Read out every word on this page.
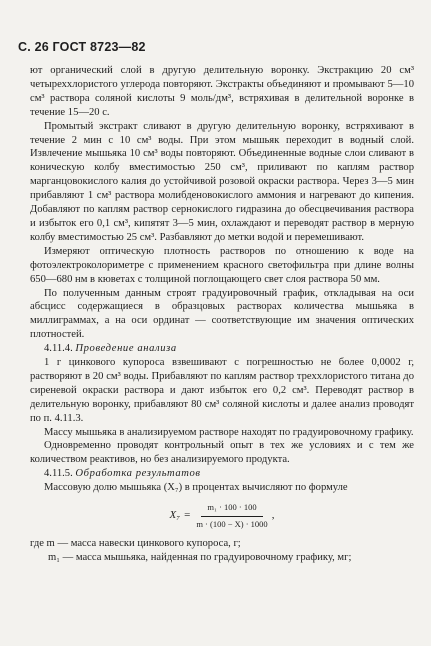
С. 26 ГОСТ 8723—82

ют органический слой в другую делительную воронку. Экстракцию 20 см³ четыреххлористого углерода повторяют. Экстракты объединяют и промывают 5—10 см³ раствора соляной кислоты 9 моль/дм³, встряхивая в делительной воронке в течение 15—20 с.

Промытый экстракт сливают в другую делительную воронку, встряхивают в течение 2 мин с 10 см³ воды. При этом мышьяк переходит в водный слой. Извлечение мышьяка 10 см³ воды повторяют. Объединенные водные слои сливают в коническую колбу вместимостью 250 см³, приливают по каплям раствор марганцовокислого калия до устойчивой розовой окраски раствора. Через 3—5 мин прибавляют 1 см³ раствора молибденовокислого аммония и нагревают до кипения. Добавляют по каплям раствор сернокислого гидразина до обесцвечивания раствора и избыток его 0,1 см³, кипятят 3—5 мин, охлаждают и переводят раствор в мерную колбу вместимостью 25 см³. Разбавляют до метки водой и перемешивают.

Измеряют оптическую плотность растворов по отношению к воде на фотоэлектроколориметре с применением красного светофильтра при длине волны 650—680 нм в кюветах с толщиной поглощающего свет слоя раствора 50 мм.

По полученным данным строят градуировочный график, откладывая на оси абсцисс содержащиеся в образцовых растворах количества мышьяка в миллиграммах, а на оси ординат — соответствующие им значения оптических плотностей.

4.11.4. Проведение анализа

1 г цинкового купороса взвешивают с погрешностью не более 0,0002 г, растворяют в 20 см³ воды. Прибавляют по каплям раствор треххлористого титана до сиреневой окраски раствора и дают избыток его 0,2 см³. Переводят раствор в делительную воронку, прибавляют 80 см³ соляной кислоты и далее анализ проводят по п. 4.11.3.

Массу мышьяка в анализируемом растворе находят по градуировочному графику.

Одновременно проводят контрольный опыт в тех же условиях и с тем же количеством реактивов, но без анализируемого продукта.

4.11.5. Обработка результатов

Массовую долю мышьяка (X₇) в процентах вычисляют по формуле

$X_7 = \frac{\text{m₁ · 100 · 100}}{m \cdot (100 - X) \cdot 1000}$ ,

где m — масса навески цинкового купороса, г;

m₁ — масса мышьяка, найденная по градуировочному графику, мг;
